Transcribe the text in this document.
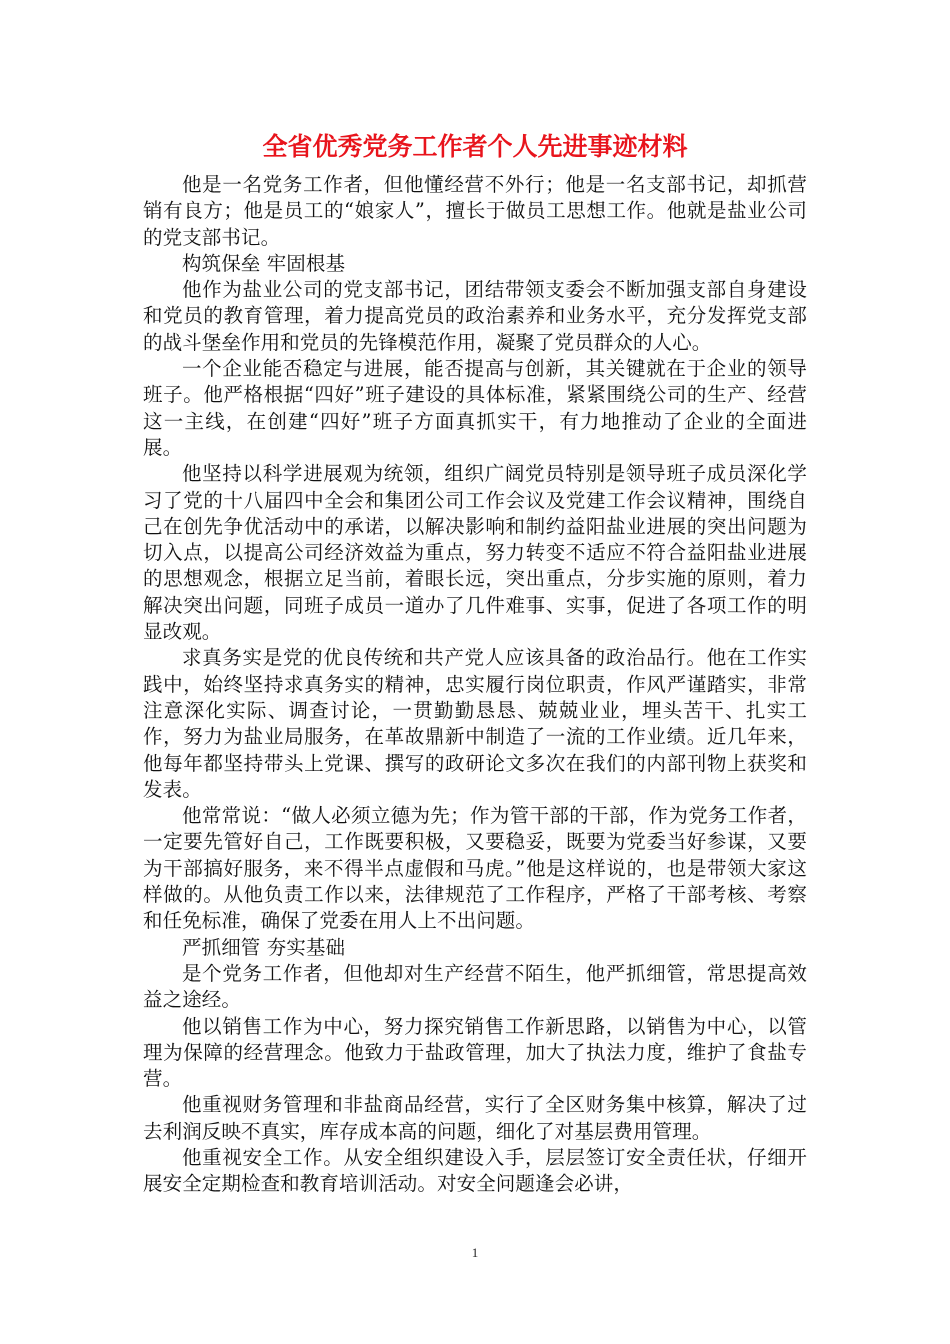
全省优秀党务工作者个人先进事迹材料

他是一名党务工作者，但他懂经营不外行；他是一名支部书记，却抓营销有良方；他是员工的“娘家人”，擅长于做员工思想工作。他就是盐业公司的党支部书记。

构筑保垒 牢固根基

他作为盐业公司的党支部书记，团结带领支委会不断加强支部自身建设和党员的教育管理，着力提高党员的政治素养和业务水平，充分发挥党支部的战斗堡垒作用和党员的先锋模范作用，凝聚了党员群众的人心。

一个企业能否稳定与进展，能否提高与创新，其关键就在于企业的领导班子。他严格根据“四好”班子建设的具体标准，紧紧围绕公司的生产、经营这一主线，在创建“四好”班子方面真抓实干，有力地推动了企业的全面进展。

他坚持以科学进展观为统领，组织广阔党员特别是领导班子成员深化学习了党的十八届四中全会和集团公司工作会议及党建工作会议精神，围绕自己在创先争优活动中的承诺，以解决影响和制约益阳盐业进展的突出问题为切入点，以提高公司经济效益为重点，努力转变不适应不符合益阳盐业进展的思想观念，根据立足当前，着眼长远，突出重点，分步实施的原则，着力解决突出问题，同班子成员一道办了几件难事、实事，促进了各项工作的明显改观。

求真务实是党的优良传统和共产党人应该具备的政治品行。他在工作实践中，始终坚持求真务实的精神，忠实履行岗位职责，作风严谨踏实，非常注意深化实际、调查讨论，一贯勤勤恳恳、兢兢业业，埋头苦干、扎实工作，努力为盐业局服务，在革故鼎新中制造了一流的工作业绩。近几年来，他每年都坚持带头上党课、撰写的政研论文多次在我们的内部刊物上获奖和发表。

他常常说：“做人必须立德为先；作为管干部的干部，作为党务工作者，一定要先管好自己，工作既要积极，又要稳妥，既要为党委当好参谋，又要为干部搞好服务，来不得半点虚假和马虎。”他是这样说的，也是带领大家这样做的。从他负责工作以来，法律规范了工作程序，严格了干部考核、考察和任免标准，确保了党委在用人上不出问题。

严抓细管 夯实基础

是个党务工作者，但他却对生产经营不陌生，他严抓细管，常思提高效益之途经。

他以销售工作为中心，努力探究销售工作新思路，以销售为中心，以管理为保障的经营理念。他致力于盐政管理，加大了执法力度，维护了食盐专营。

他重视财务管理和非盐商品经营，实行了全区财务集中核算，解决了过去利润反映不真实，库存成本高的问题，细化了对基层费用管理。

他重视安全工作。从安全组织建设入手，层层签订安全责任状，仔细开展安全定期检查和教育培训活动。对安全问题逢会必讲，

1
